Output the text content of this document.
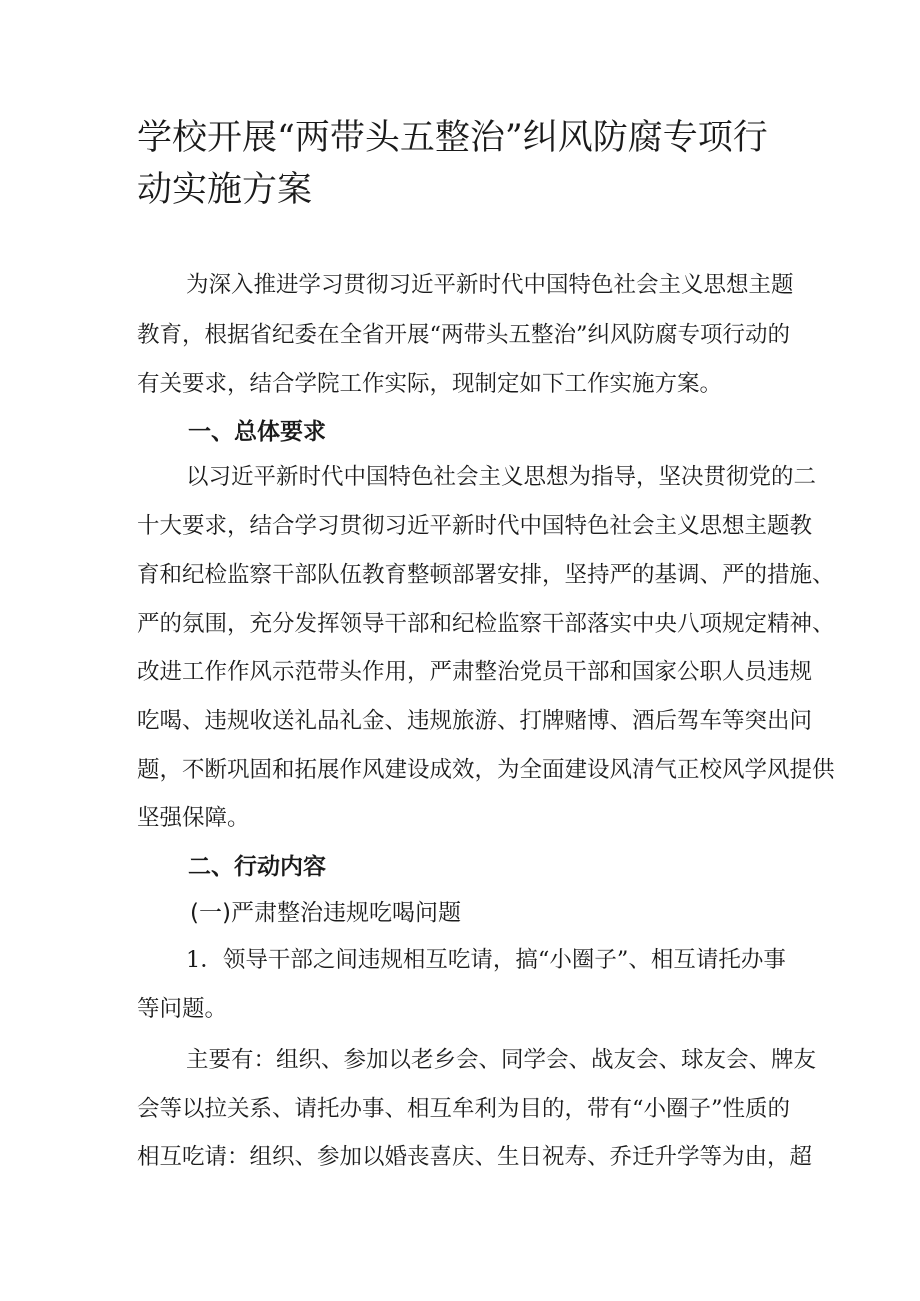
学校开展“两带头五整治”纠风防腐专项行动实施方案

为深入推进学习贯彻习近平新时代中国特色社会主义思想主题

教育，根据省纪委在全省开展“两带头五整治”纠风防腐专项行动的

有关要求，结合学院工作实际，现制定如下工作实施方案。

一、总体要求

以习近平新时代中国特色社会主义思想为指导，坚决贯彻党的二

十大要求，结合学习贯彻习近平新时代中国特色社会主义思想主题教

育和纪检监察干部队伍教育整顿部署安排，坚持严的基调、严的措施、

严的氛围，充分发挥领导干部和纪检监察干部落实中央八项规定精神、

改进工作作风示范带头作用，严肃整治党员干部和国家公职人员违规

吃喝、违规收送礼品礼金、违规旅游、打牌赌博、酒后驾车等突出问

题，不断巩固和拓展作风建设成效，为全面建设风清气正校风学风提供

坚强保障。

二、行动内容

(一)严肃整治违规吃喝问题

1．领导干部之间违规相互吃请，搞“小圈子”、相互请托办事

等问题。

主要有：组织、参加以老乡会、同学会、战友会、球友会、牌友

会等以拉关系、请托办事、相互牟利为目的，带有“小圈子”性质的

相互吃请：组织、参加以婚丧喜庆、生日祝寿、乔迁升学等为由，超
